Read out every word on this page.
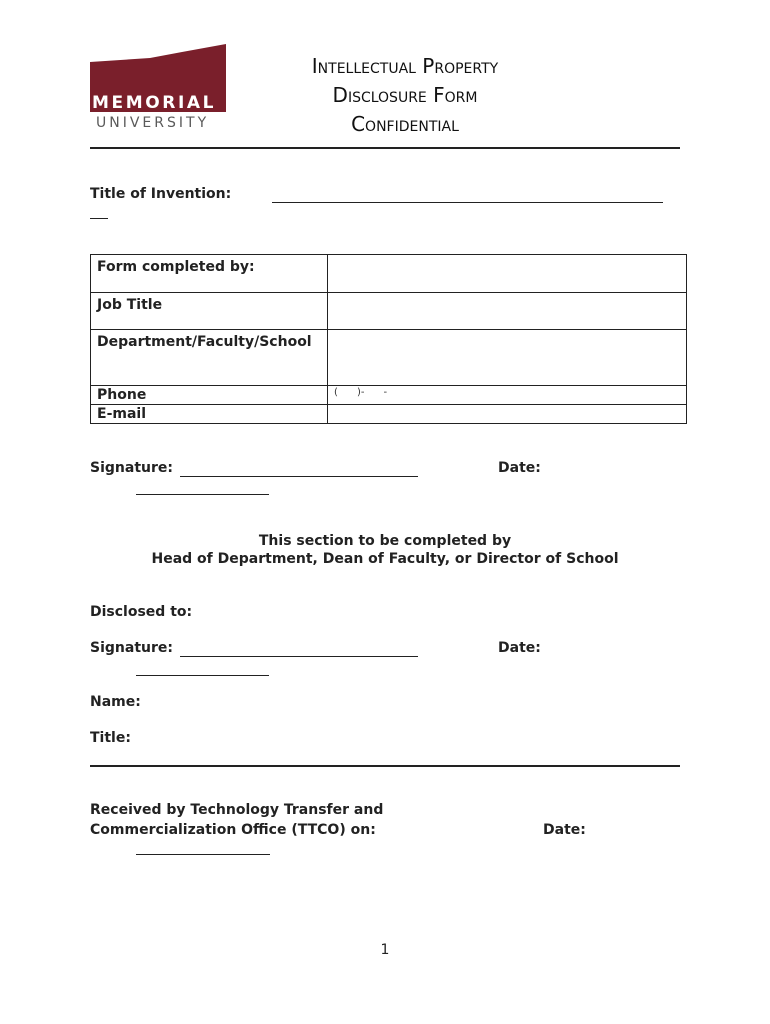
MEMORIAL
UNIVERSITY
Intellectual Property
Disclosure Form
Confidential
Title of Invention:
Form completed by:	
Job Title	
Department/Faculty/School	
Phone	(      )-      -
E-mail	
Signature:	Date:
This section to be completed by
Head of Department, Dean of Faculty, or Director of School
Disclosed to:
Signature:	Date:
Name:
Title:
Received by Technology Transfer and
Commercialization Office (TTCO) on:	Date:
1
